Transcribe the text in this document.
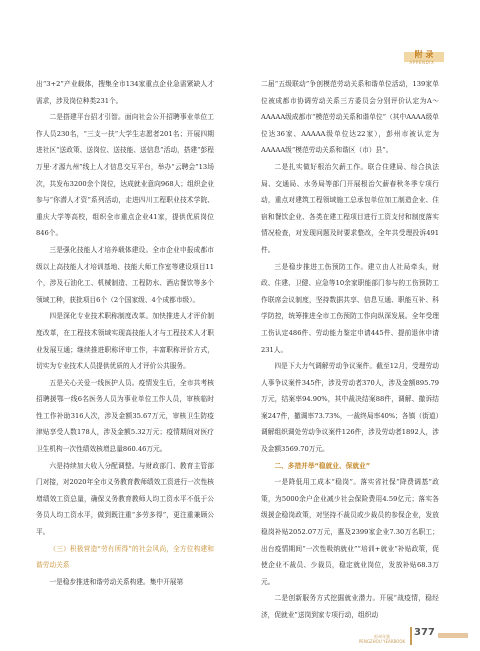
附 录
APPENDIX

出“3+2”产业载体，搜集全市134家重点企业急需紧缺人才需求，涉及岗位种类231个。

二是搭建平台招才引智。面向社会公开招聘事业单位工作人员230名，“三支一扶”大学生志愿者201名；开展四期进社区“送政策、送岗位、送技能、送信息”活动，搭建“彭程万里·才源九州”线上人才信息交互平台，举办“云聘会”13场次，共发布3200余个岗位，达成就业意向968人；组织企业参与“你潜人才资”系列活动，走进四川工程职业技术学院、重庆大学等高校，组织全市重点企业41家，提供优质岗位846个。

三是强化技能人才培养载体建设。全市企业申报成都市级以上高技能人才培训基地、技能大师工作室等建设项目11个，涉及石油化工、机械制造、工程防水、酒店餐饮等多个领域工种，获批项目6个（2个国家级、4个成都市级）。

四是深化专业技术职称制度改革。加快推进人才评价制度改革，在工程技术领域实现高技能人才与工程技术人才职业发展互通；继续推进职称评审工作，丰富职称评价方式，切实为专业技术人员提供优质的人才评价公共服务。

五是关心关爱一线医护人员。疫情发生后，全市共考核招聘援鄂一线6名医务人员为事业单位工作人员，审核临时性工作补助316人次，涉及金额35.67万元，审核卫生防疫津贴享受人数178人，涉及金额5.32万元；疫情期间对医疗卫生机构一次性绩效核增总量860.46万元。

六是持续加大收入分配调整。与财政部门、教育主管部门对接，对2020年全市义务教育教师绩效工资进行一次性核增绩效工资总量，确保义务教育教师人均工资水平不低于公务员人均工资水平，做到既注重“多劳多得”，更注重兼顾公平。

（三）积极营造“劳有所得”的社会风尚，全方位构建和谐劳动关系

一是稳步推进和谐劳动关系构建。集中开展第

二届“五级联动”争创模范劳动关系和谐单位活动，139家单位被成都市协调劳动关系三方委员会分别评价认定为A～AAAAA级成都市“模范劳动关系和谐单位”（其中AAAA级单位达36家、AAAAA级单位达22家），彭州市被认定为AAAAA级“模范劳动关系和谐区（市）县”。

二是扎实做好根治欠薪工作。联合住建局、综合执法局、交通局、水务局等部门开展根治欠薪春秋冬季专项行动，重点对建筑工程领域施工总承包单位加工制造企业、住宿和餐饮企业、各类在建工程项目进行工资支付和制度落实情况检查，对发现问题及时要求整改，全年共受理投诉491件。

三是稳步推进工伤预防工作。建立由人社局牵头，财政、住建、卫健、应急等10余家职能部门参与的工伤预防工作联席会议制度，坚持数据共享、信息互通、职能互补、科学防控，统筹推进全市工伤预防工作向纵深发展。全年受理工伤认定486件、劳动能力鉴定申请445件、提前退休申请231人。

四是下大力气调解劳动争议案件。截至12月，受理劳动人事争议案件345件，涉及劳动者370人，涉及金额895.79万元，结案率94.90%，其中裁决结案88件，调解、撤诉结案247件，撤调率73.73%，一裁终局率40%；各镇（街道）调解组织调处劳动争议案件126件，涉及劳动者1892人，涉及金额3569.70万元。

二、多措并举“稳就业、保就业”

一是降低用工成本“稳岗”。落实省社保“降费调基”政策，为5000余户企业减少社会保险费用4.59亿元；落实各级援企稳岗政策，对坚持不裁员或少裁员的参保企业，发放稳岗补贴2052.07万元，惠及2399家企业7.30万名职工；出台疫情期间“一次性吸纳就业”“培训+就业”补贴政策，促使企业不裁员、少裁员，稳定就业岗位，发放补贴68.3万元。

二是创新服务方式挖掘就业潜力。开展“战疫情，稳经济，促就业”送岗到家专项行动，组织动

彭州年鉴
PENGZHOU YEARBOOK
377
